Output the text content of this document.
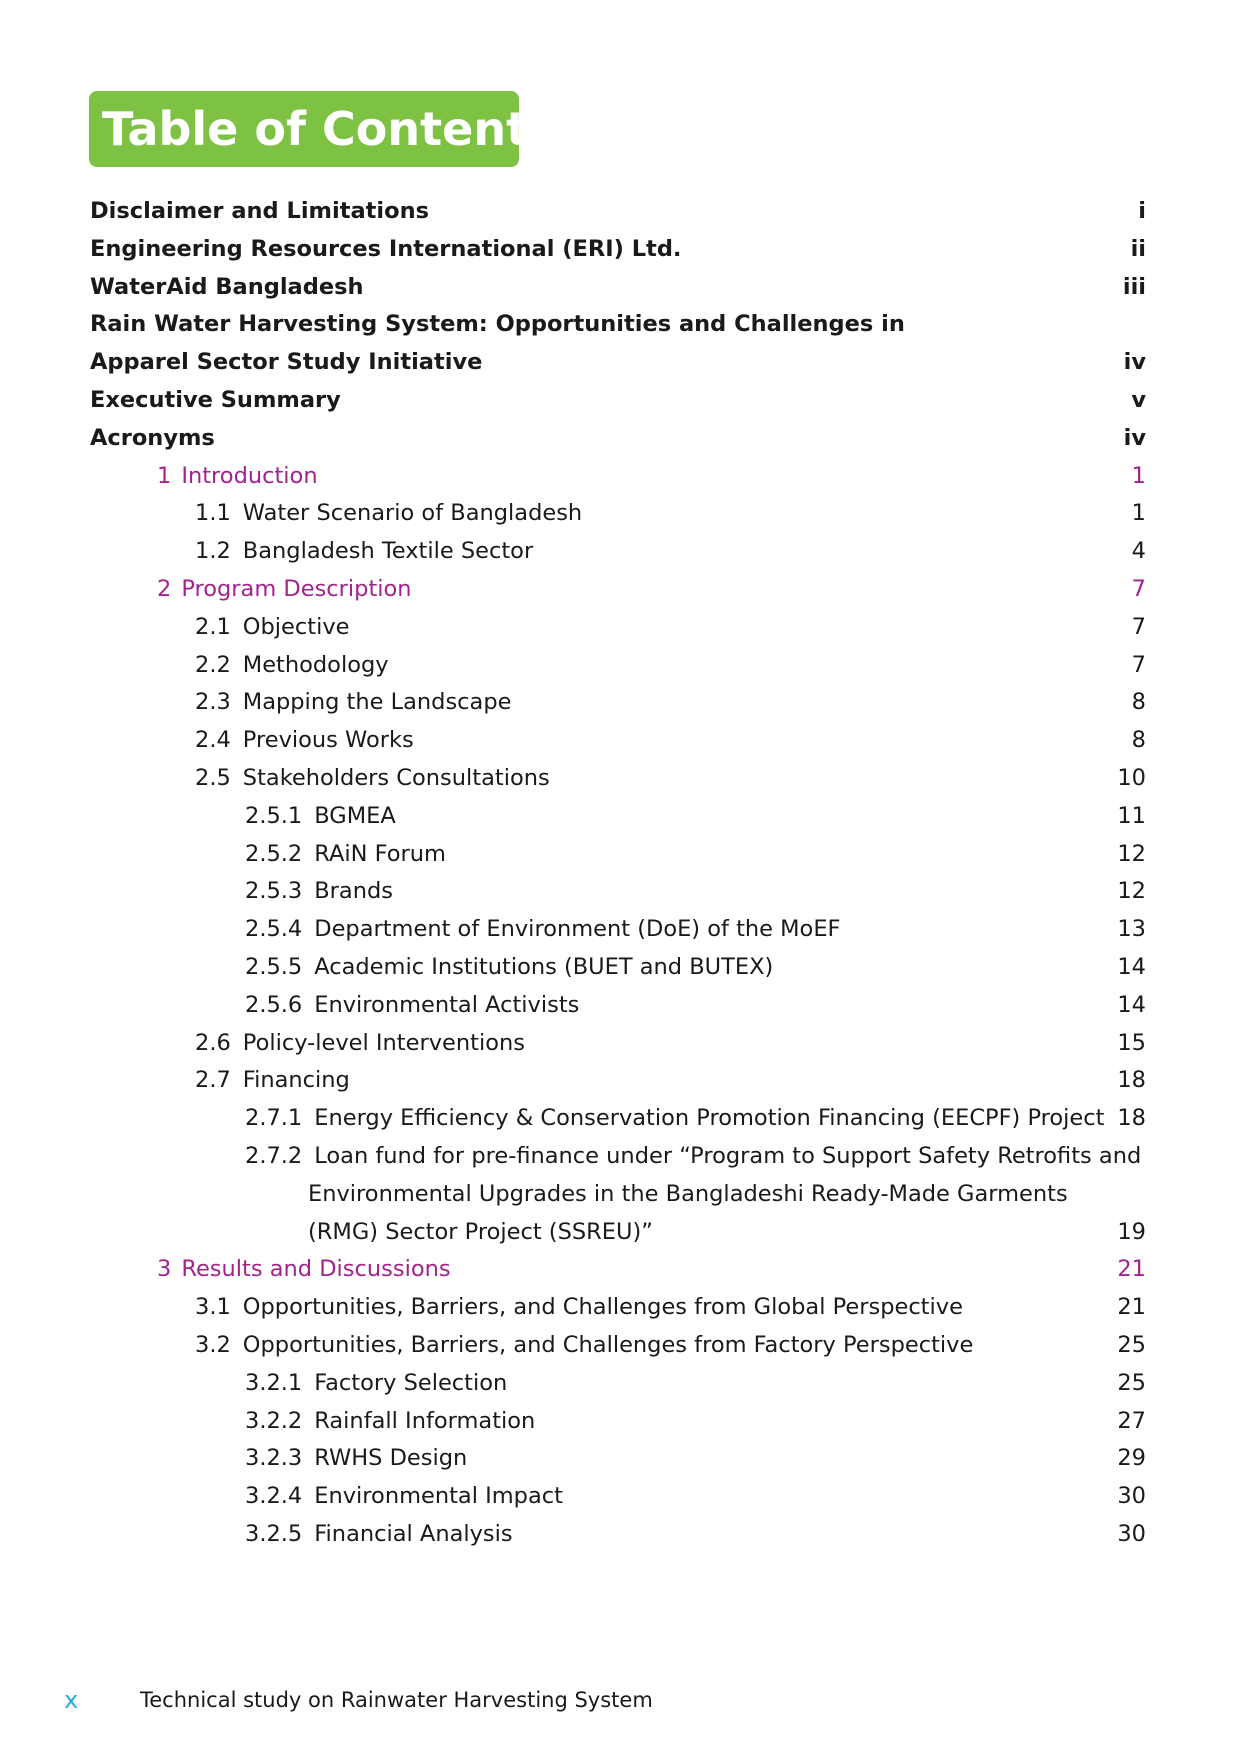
Table of Contents
Disclaimer and Limitations	i
Engineering Resources International (ERI) Ltd.	ii
WaterAid Bangladesh	iii
Rain Water Harvesting System: Opportunities and Challenges in
Apparel Sector Study Initiative	iv
Executive Summary	v
Acronyms	iv
1 Introduction	1
1.1 Water Scenario of Bangladesh	1
1.2 Bangladesh Textile Sector	4
2 Program Description	7
2.1 Objective	7
2.2 Methodology	7
2.3 Mapping the Landscape	8
2.4 Previous Works	8
2.5 Stakeholders Consultations	10
2.5.1 BGMEA	11
2.5.2 RAiN Forum	12
2.5.3 Brands	12
2.5.4 Department of Environment (DoE) of the MoEF	13
2.5.5 Academic Institutions (BUET and BUTEX)	14
2.5.6 Environmental Activists	14
2.6 Policy-level Interventions	15
2.7 Financing	18
2.7.1 Energy Efficiency & Conservation Promotion Financing (EECPF) Project 18
2.7.2 Loan fund for pre-finance under “Program to Support Safety Retrofits and
Environmental Upgrades in the Bangladeshi Ready-Made Garments
(RMG) Sector Project (SSREU)”	19
3 Results and Discussions	21
3.1 Opportunities, Barriers, and Challenges from Global Perspective	21
3.2 Opportunities, Barriers, and Challenges from Factory Perspective	25
3.2.1 Factory Selection	25
3.2.2 Rainfall Information	27
3.2.3 RWHS Design	29
3.2.4 Environmental Impact	30
3.2.5 Financial Analysis	30
x	Technical study on Rainwater Harvesting System
